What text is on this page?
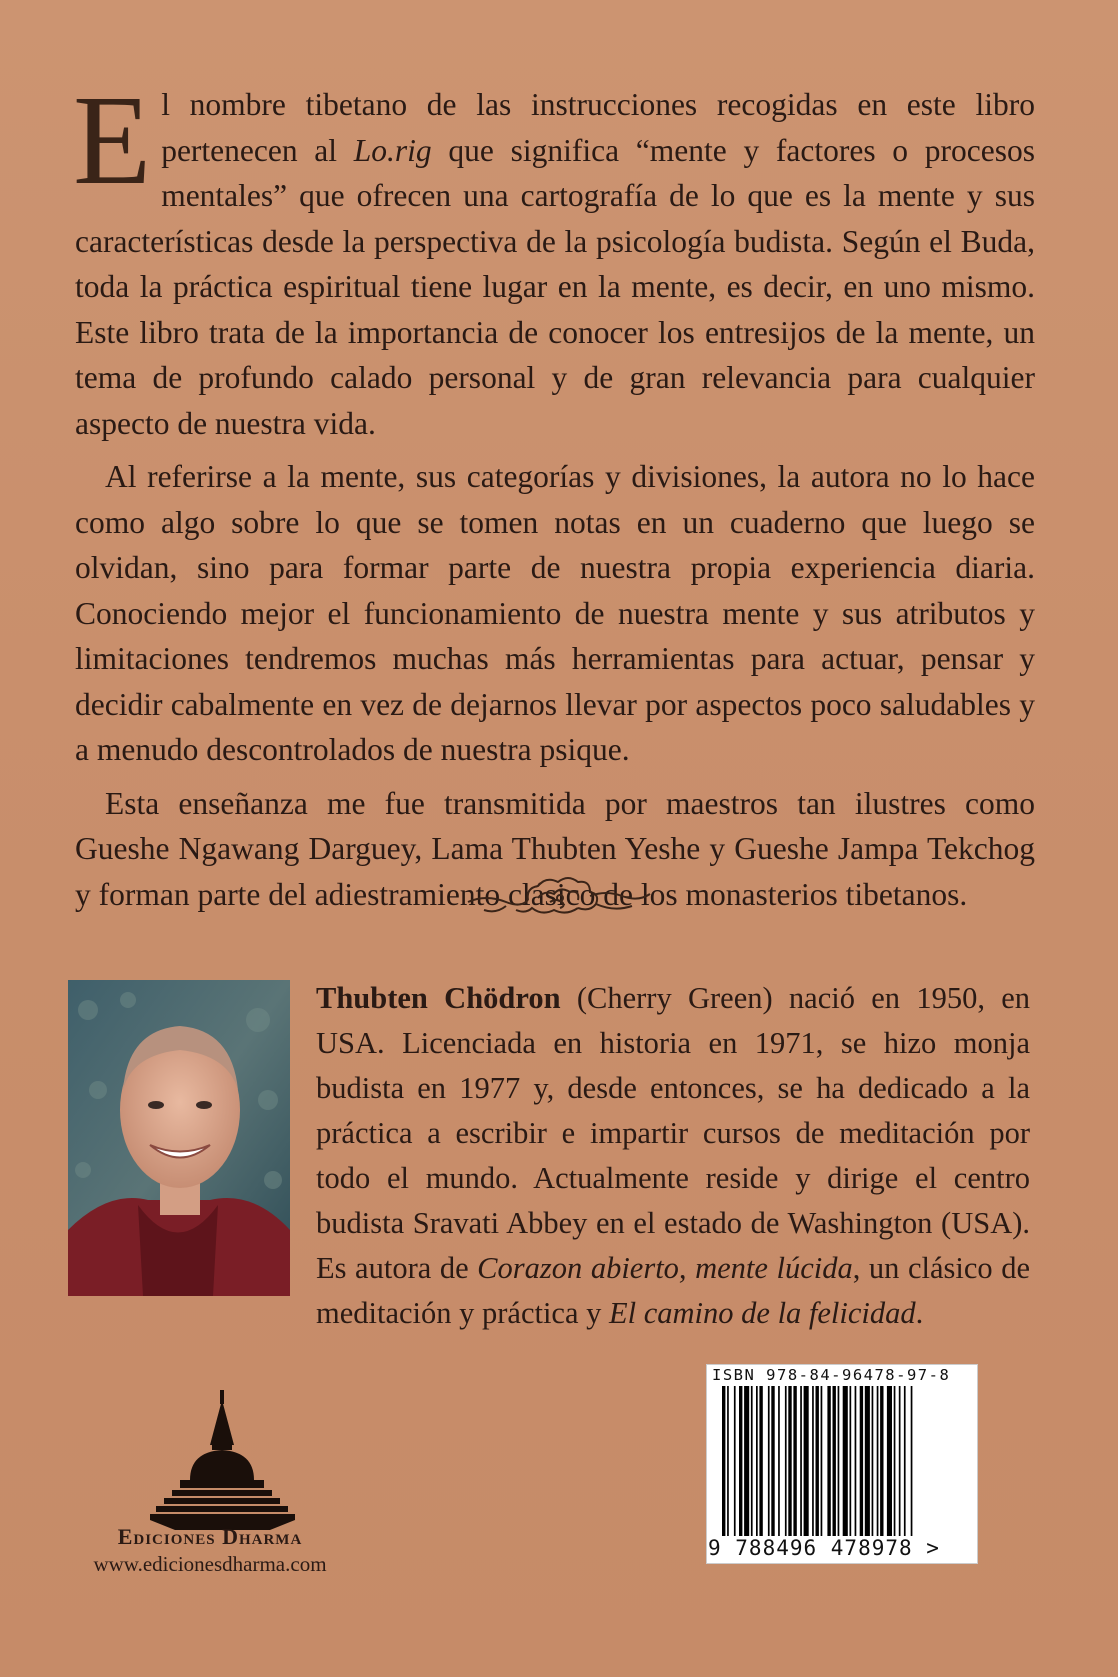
El nombre tibetano de las instrucciones recogidas en este libro pertenecen al Lo.rig que significa “mente y factores o procesos mentales” que ofrecen una cartografía de lo que es la mente y sus características desde la perspectiva de la psicología budista. Según el Buda, toda la práctica espiritual tiene lugar en la mente, es decir, en uno mismo. Este libro trata de la importancia de conocer los entresijos de la mente, un tema de profundo calado personal y de gran relevancia para cualquier aspecto de nuestra vida.

Al referirse a la mente, sus categorías y divisiones, la autora no lo hace como algo sobre lo que se tomen notas en un cuaderno que luego se olvidan, sino para formar parte de nuestra propia experiencia diaria. Conociendo mejor el funcionamiento de nuestra mente y sus atributos y limitaciones tendremos muchas más herramientas para actuar, pensar y decidir cabalmente en vez de dejarnos llevar por aspectos poco saludables y a menudo descontrolados de nuestra psique.

Esta enseñanza me fue transmitida por maestros tan ilustres como Gueshe Ngawang Darguey, Lama Thubten Yeshe y Gueshe Jampa Tekchog y forman parte del adiestramiento clásico de los monasterios tibetanos.

Thubten Chödron (Cherry Green) nació en 1950, en USA. Licenciada en historia en 1971, se hizo monja budista en 1977 y, desde entonces, se ha dedicado a la práctica a escribir e impartir cursos de meditación por todo el mundo. Actualmente reside y dirige el centro budista Sravati Abbey en el estado de Washington (USA). Es autora de Corazon abierto, mente lúcida, un clásico de meditación y práctica y El camino de la felicidad.
Ediciones Dharma
www.edicionesdharma.com
ISBN 978-84-96478-97-8
9 788496 478978 >
